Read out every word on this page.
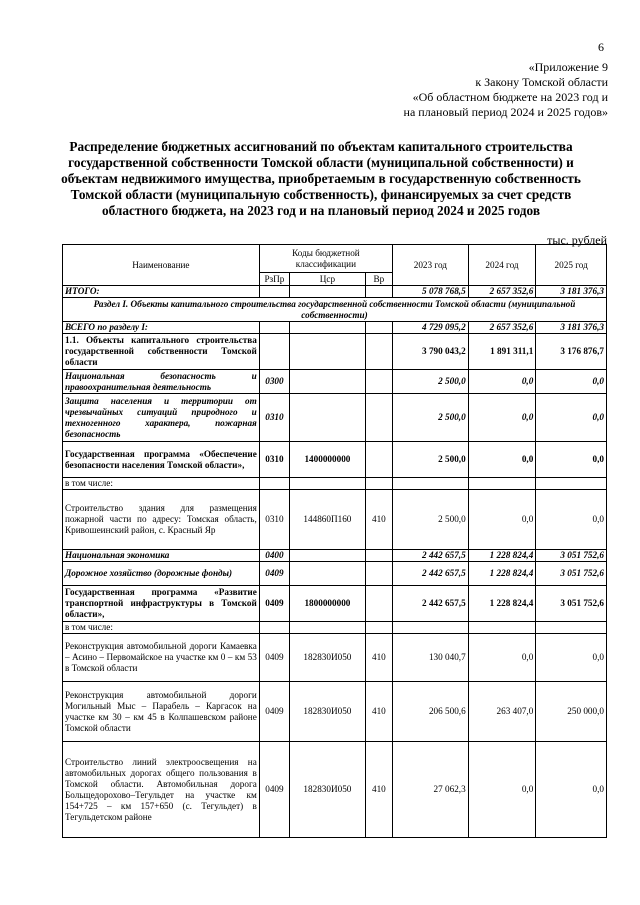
6
«Приложение 9
к Закону Томской области
«Об областном бюджете на 2023 год и
на плановый период 2024 и 2025 годов»
Распределение бюджетных ассигнований по объектам капитального строительства
государственной собственности Томской области (муниципальной собственности) и
объектам недвижимого имущества, приобретаемым в государственную собственность
Томской области (муниципальную собственность), финансируемых за счет средств
областного бюджета, на 2023 год и на плановый период 2024 и 2025 годов
тыс. рублей
Наименование	Коды бюджетной классификации			2023 год	2024 год	2025 год
	РзПр	Цср	Вр			
ИТОГО:				5 078 768,5	2 657 352,6	3 181 376,3
Раздел I. Объекты капитального строительства государственной собственности Томской области (муниципальной собственности)						
ВСЕГО по разделу I:				4 729 095,2	2 657 352,6	3 181 376,3
1.1. Объекты капитального строительства государственной собственности Томской области				3 790 043,2	1 891 311,1	3 176 876,7
Национальная безопасность и правоохранительная деятельность	0300			2 500,0	0,0	0,0
Защита населения и территории от чрезвычайных ситуаций природного и техногенного характера, пожарная безопасность	0310			2 500,0	0,0	0,0
Государственная программа «Обеспечение безопасности населения Томской области»,	0310	1400000000		2 500,0	0,0	0,0
в том числе:						
Строительство здания для размещения пожарной части по адресу: Томская область, Кривошеинский район, с. Красный Яр	0310	144860П160	410	2 500,0	0,0	0,0
Национальная экономика	0400			2 442 657,5	1 228 824,4	3 051 752,6
Дорожное хозяйство (дорожные фонды)	0409			2 442 657,5	1 228 824,4	3 051 752,6
Государственная программа «Развитие транспортной инфраструктуры в Томской области»,	0409	1800000000		2 442 657,5	1 228 824,4	3 051 752,6
в том числе:						
Реконструкция автомобильной дороги Камаевка – Асино – Первомайское на участке км 0 – км 53 в Томской области	0409	182830И050	410	130 040,7	0,0	0,0
Реконструкция автомобильной дороги Могильный Мыс – Парабель – Каргасок на участке км 30 – км 45 в Колпашевском районе Томской области	0409	182830И050	410	206 500,6	263 407,0	250 000,0
Строительство линий электроосвещения на автомобильных дорогах общего пользования в Томской области. Автомобильная дорога Больщедорохово–Тегульдет на участке км 154+725 – км 157+650 (с. Тегульдет) в Тегульдетском районе	0409	182830И050	410	27 062,3	0,0	0,0
